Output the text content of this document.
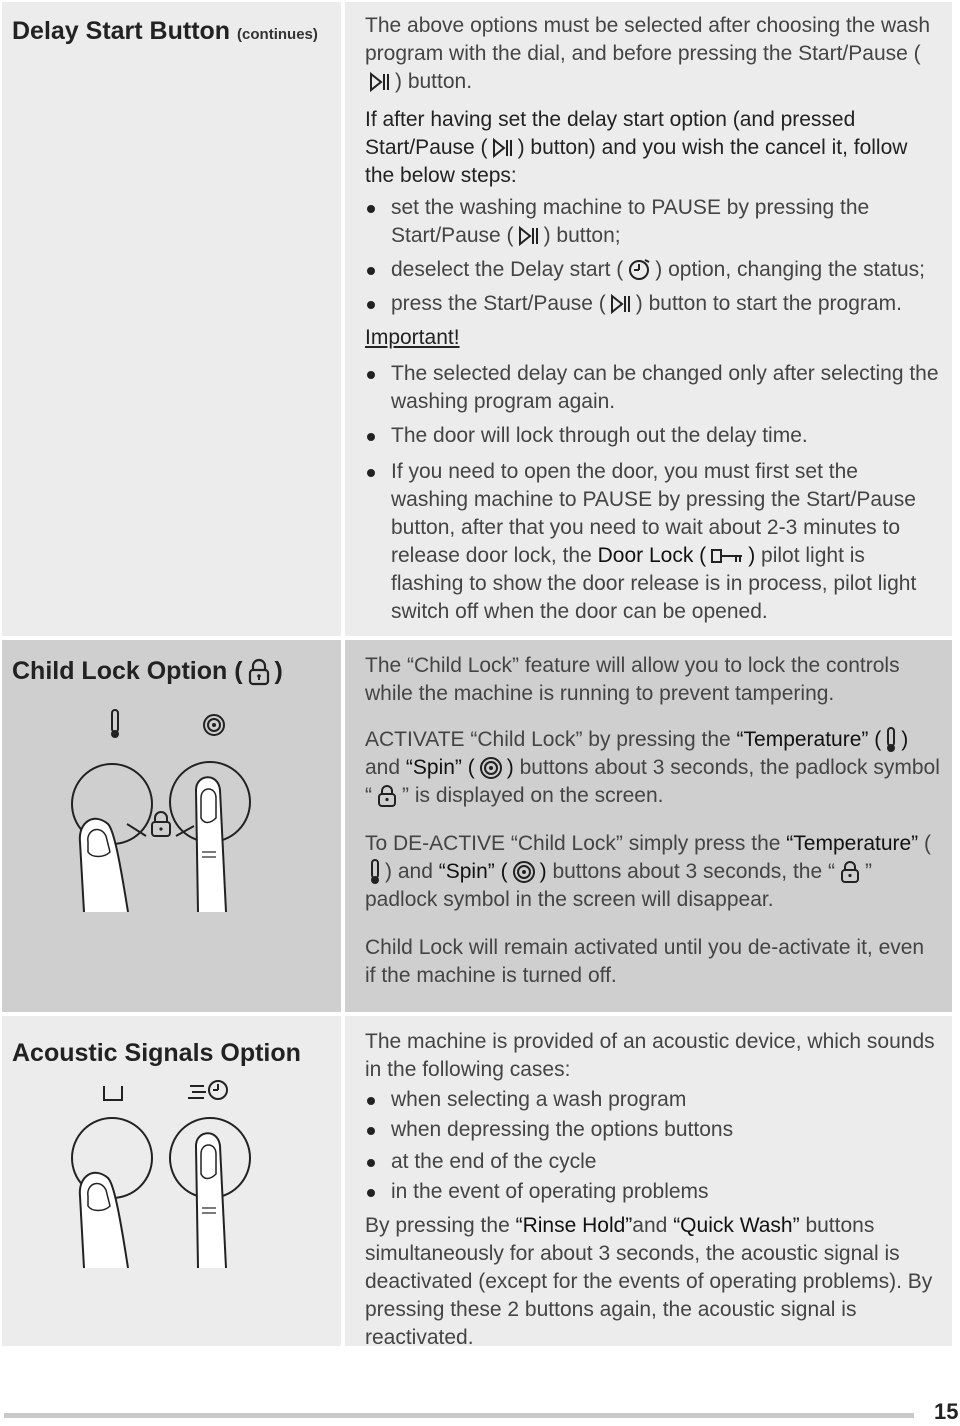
Delay Start Button (continues)	The above options must be selected after choosing the wash program with the dial, and before pressing the Start/Pause () button.

If after having set the delay start option (and pressed Start/Pause ( ) button) and you wish the cancel it, follow the below steps:

set the washing machine to PAUSE by pressing the Start/Pause ( ) button;
deselect the Delay start ( ) option, changing the status;
press the Start/Pause ( ) button to start the program.

Important!

The selected delay can be changed only after selecting the washing program again.
The door will lock through out the delay time.
If you need to open the door, you must first set the washing machine to PAUSE by pressing the Start/Pause button, after that you need to wait about 2-3 minutes to release door lock, the Door Lock ( ) pilot light is flashing to show the door release is in process, pilot light switch off when the door can be opened.
Child Lock Option ( )	The “Child Lock” feature will allow you to lock the controls while the machine is running to prevent tampering.

ACTIVATE “Child Lock” by pressing the “Temperature” ( ) and “Spin” ( ) buttons about 3 seconds, the padlock symbol “ ” is displayed on the screen.

To DE-ACTIVE “Child Lock” simply press the “Temperature” () and “Spin” ( ) buttons about 3 seconds, the “ ” padlock symbol in the screen will disappear.

Child Lock will remain activated until you de-activate it, even if the machine is turned off.

Acoustic Signals Option	The machine is provided of an acoustic device, which sounds in the following cases:

when selecting a wash program
when depressing the options buttons
at the end of the cycle
in the event of operating problems

By pressing the “Rinse Hold”and “Quick Wash” buttons simultaneously for about 3 seconds, the acoustic signal is deactivated (except for the events of operating problems). By pressing these 2 buttons again, the acoustic signal is reactivated.

15
